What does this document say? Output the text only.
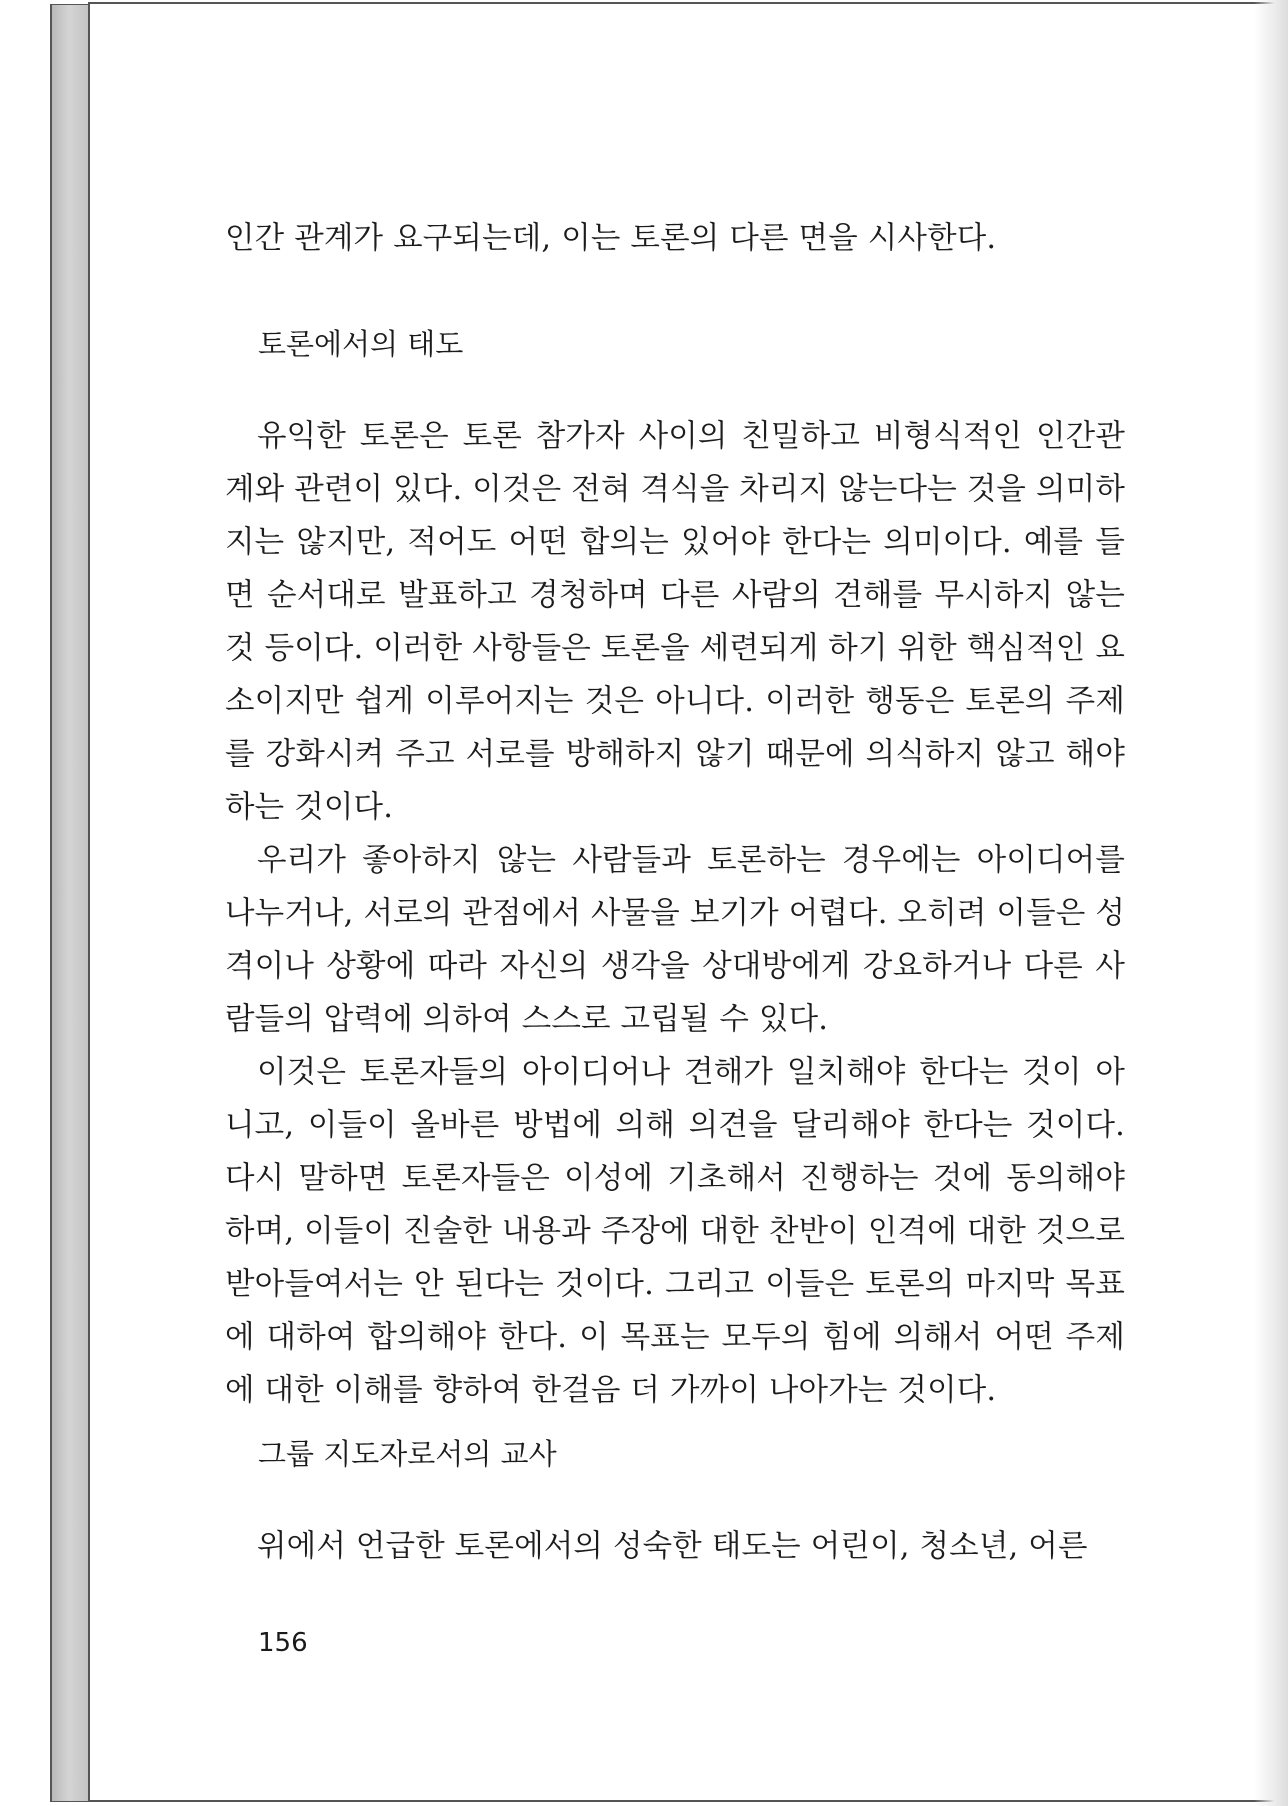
인간 관계가 요구되는데, 이는 토론의 다른 면을 시사한다.
토론에서의 태도

유익한 토론은 토론 참가자 사이의 친밀하고 비형식적인 인간관계와 관련이 있다. 이것은 전혀 격식을 차리지 않는다는 것을 의미하지는 않지만, 적어도 어떤 합의는 있어야 한다는 의미이다. 예를 들면 순서대로 발표하고 경청하며 다른 사람의 견해를 무시하지 않는 것 등이다. 이러한 사항들은 토론을 세련되게 하기 위한 핵심적인 요소이지만 쉽게 이루어지는 것은 아니다. 이러한 행동은 토론의 주제를 강화시켜 주고 서로를 방해하지 않기 때문에 의식하지 않고 해야 하는 것이다.

우리가 좋아하지 않는 사람들과 토론하는 경우에는 아이디어를 나누거나, 서로의 관점에서 사물을 보기가 어렵다. 오히려 이들은 성격이나 상황에 따라 자신의 생각을 상대방에게 강요하거나 다른 사람들의 압력에 의하여 스스로 고립될 수 있다.

이것은 토론자들의 아이디어나 견해가 일치해야 한다는 것이 아니고, 이들이 올바른 방법에 의해 의견을 달리해야 한다는 것이다. 다시 말하면 토론자들은 이성에 기초해서 진행하는 것에 동의해야 하며, 이들이 진술한 내용과 주장에 대한 찬반이 인격에 대한 것으로 받아들여서는 안 된다는 것이다. 그리고 이들은 토론의 마지막 목표에 대하여 합의해야 한다. 이 목표는 모두의 힘에 의해서 어떤 주제에 대한 이해를 향하여 한걸음 더 가까이 나아가는 것이다.

그룹 지도자로서의 교사

위에서 언급한 토론에서의 성숙한 태도는 어린이, 청소년, 어른

156
